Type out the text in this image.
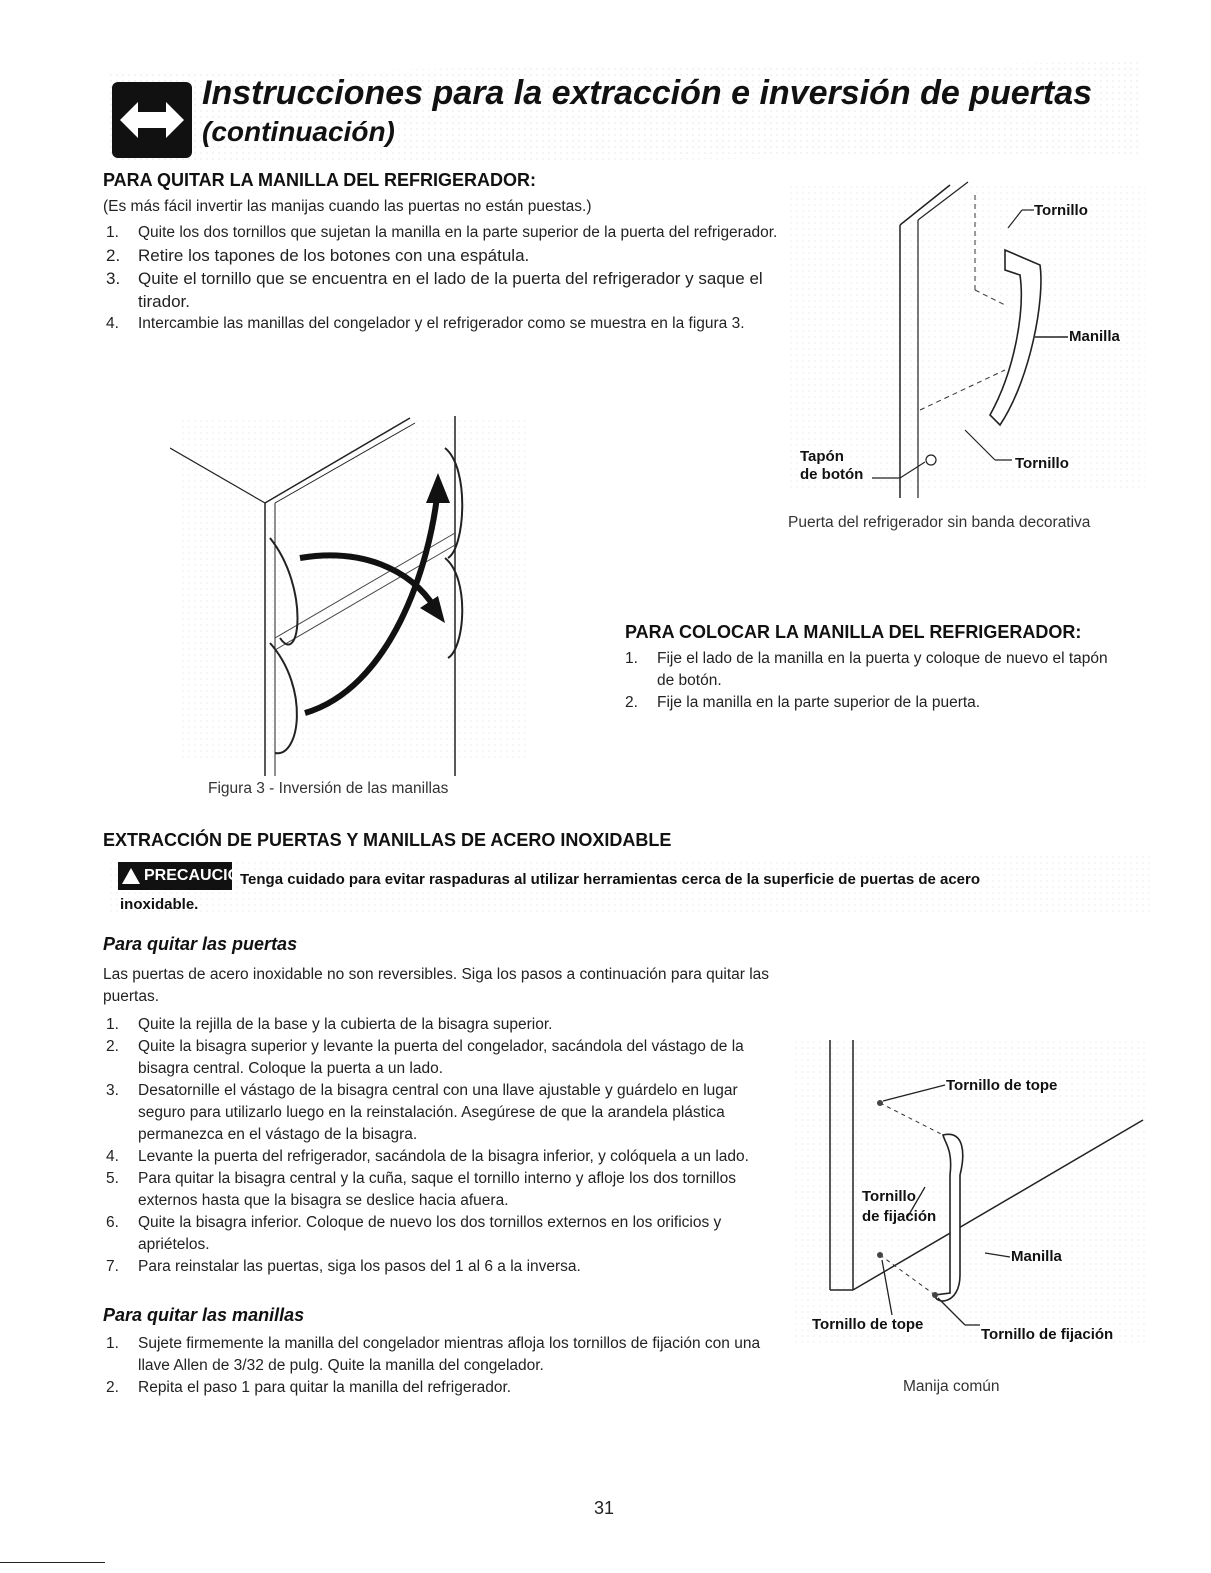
Instrucciones para la extracción e inversión de puertas
(continuación)
PARA QUITAR LA MANILLA DEL REFRIGERADOR:
(Es más fácil invertir las manijas cuando las puertas no están puestas.)
1. Quite los dos tornillos que sujetan la manilla en la parte superior de la puerta del refrigerador.
2. Retire los tapones de los botones con una espátula.
3. Quite el tornillo que se encuentra en el lado de la puerta del refrigerador y saque el tirador.
4. Intercambie las manillas del congelador y el refrigerador como se muestra en la figura 3.
Figura 3 - Inversión de las manillas
Tornillo
Manilla
Tapón
de botón
Tornillo
Puerta del refrigerador sin banda decorativa
PARA COLOCAR LA MANILLA DEL REFRIGERADOR:
1. Fije el lado de la manilla en la puerta y coloque de nuevo el tapón de botón.
2. Fije la manilla en la parte superior de la puerta.
EXTRACCIÓN DE PUERTAS Y MANILLAS DE ACERO INOXIDABLE
PRECAUCIÓN
Tenga cuidado para evitar raspaduras al utilizar herramientas cerca de la superficie de puertas de acero
inoxidable.
Para quitar las puertas
Las puertas de acero inoxidable no son reversibles. Siga los pasos a continuación para quitar las puertas.
1. Quite la rejilla de la base y la cubierta de la bisagra superior.
2. Quite la bisagra superior y levante la puerta del congelador, sacándola del vástago de la bisagra central. Coloque la puerta a un lado.
3. Desatornille el vástago de la bisagra central con una llave ajustable y guárdelo en lugar seguro para utilizarlo luego en la reinstalación. Asegúrese de que la arandela plástica permanezca en el vástago de la bisagra.
4. Levante la puerta del refrigerador, sacándola de la bisagra inferior, y colóquela a un lado.
5. Para quitar la bisagra central y la cuña, saque el tornillo interno y afloje los dos tornillos externos hasta que la bisagra se deslice hacia afuera.
6. Quite la bisagra inferior. Coloque de nuevo los dos tornillos externos en los orificios y apriételos.
7. Para reinstalar las puertas, siga los pasos del 1 al 6 a la inversa.
Para quitar las manillas
1. Sujete firmemente la manilla del congelador mientras afloja los tornillos de fijación con una llave Allen de 3/32 de pulg. Quite la manilla del congelador.
2. Repita el paso 1 para quitar la manilla del refrigerador.
Tornillo de tope
Tornillo
de fijación
Manilla
Tornillo de tope
Tornillo de fijación
Manija común
31
